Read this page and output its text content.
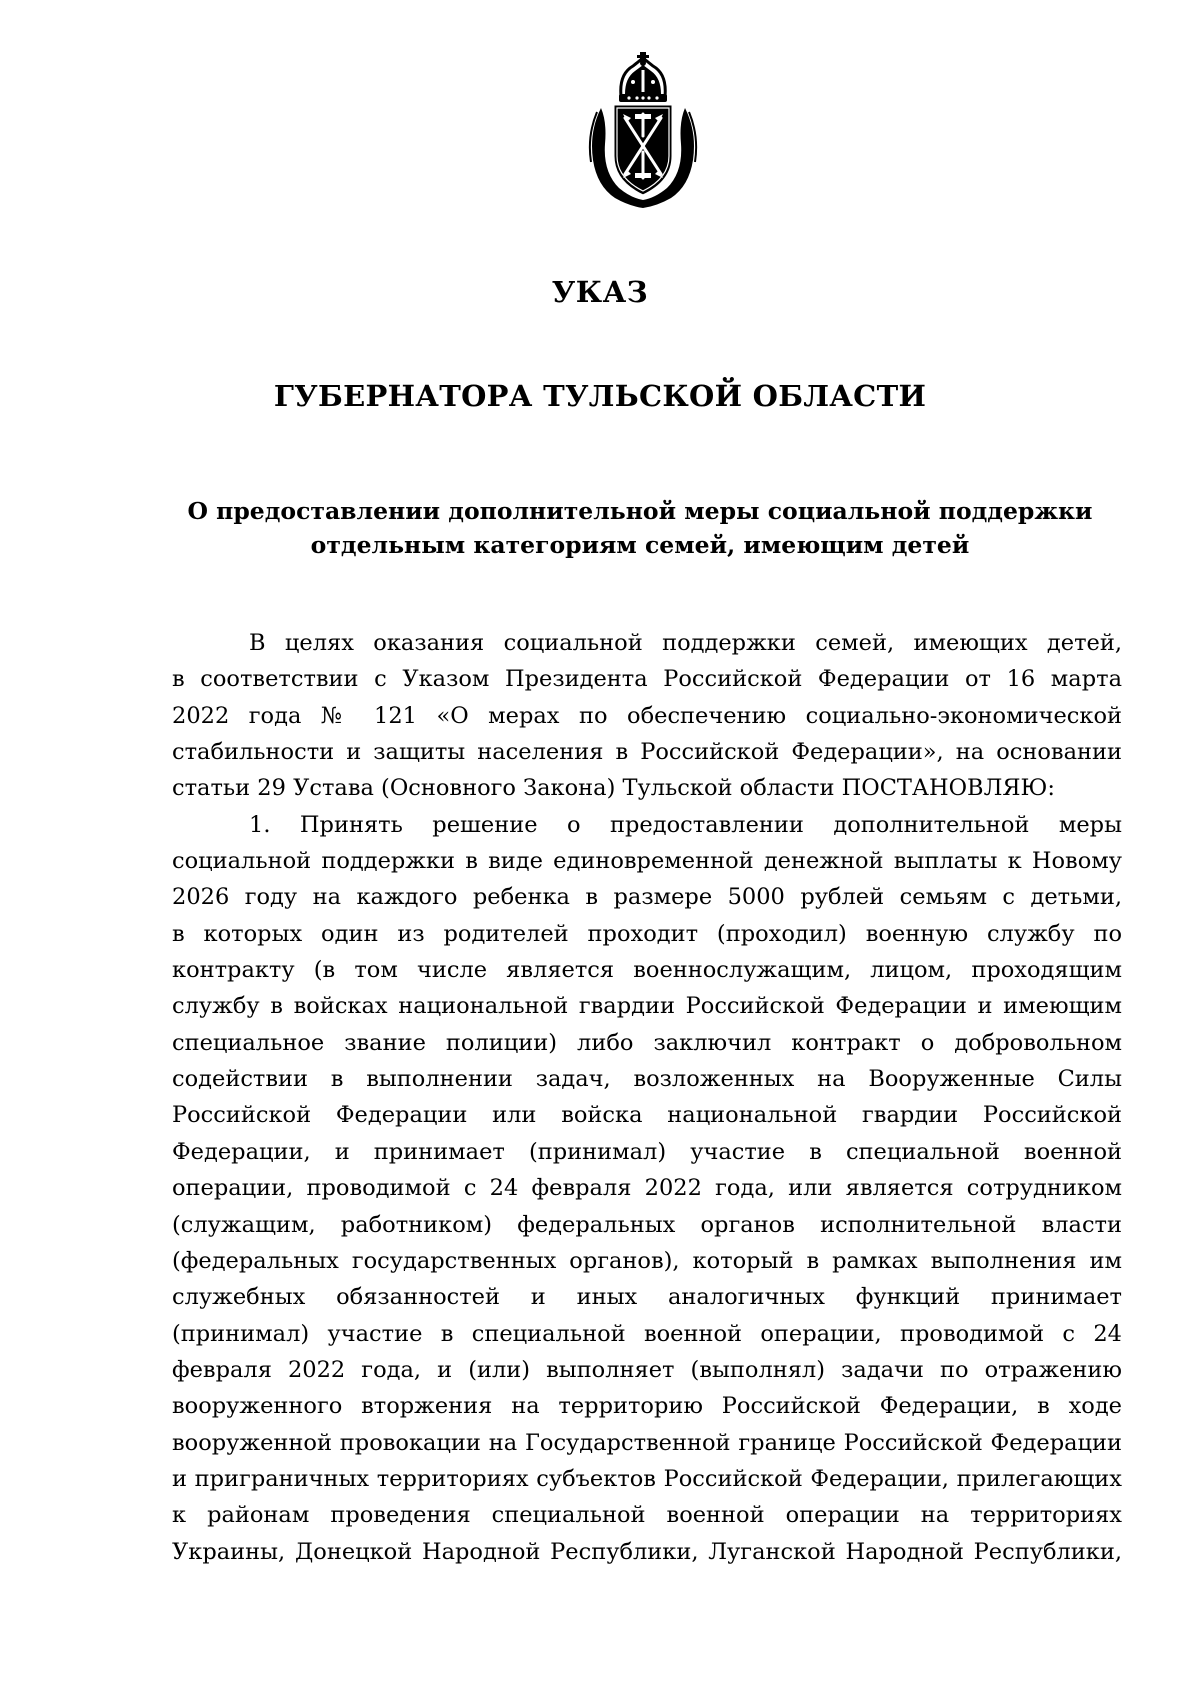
УКАЗ
ГУБЕРНАТОРА ТУЛЬСКОЙ ОБЛАСТИ
О предоставлении дополнительной меры социальной поддержки
отдельным категориям семей, имеющим детей
В целях оказания социальной поддержки семей, имеющих детей,
в соответствии с Указом Президента Российской Федерации от 16 марта
2022 года № 121 «О мерах по обеспечению социально-экономической
стабильности и защиты населения в Российской Федерации», на основании
статьи 29 Устава (Основного Закона) Тульской области ПОСТАНОВЛЯЮ:
1. Принять решение о предоставлении дополнительной меры
социальной поддержки в виде единовременной денежной выплаты к Новому
2026 году на каждого ребенка в размере 5000 рублей семьям с детьми,
в которых один из родителей проходит (проходил) военную службу по
контракту (в том числе является военнослужащим, лицом, проходящим
службу в войсках национальной гвардии Российской Федерации и имеющим
специальное звание полиции) либо заключил контракт о добровольном
содействии в выполнении задач, возложенных на Вооруженные Силы
Российской Федерации или войска национальной гвардии Российской
Федерации, и принимает (принимал) участие в специальной военной
операции, проводимой с 24 февраля 2022 года, или является сотрудником
(служащим, работником) федеральных органов исполнительной власти
(федеральных государственных органов), который в рамках выполнения им
служебных обязанностей и иных аналогичных функций принимает
(принимал) участие в специальной военной операции, проводимой с 24
февраля 2022 года, и (или) выполняет (выполнял) задачи по отражению
вооруженного вторжения на территорию Российской Федерации, в ходе
вооруженной провокации на Государственной границе Российской Федерации
и приграничных территориях субъектов Российской Федерации, прилегающих
к районам проведения специальной военной операции на территориях
Украины, Донецкой Народной Республики, Луганской Народной Республики,
